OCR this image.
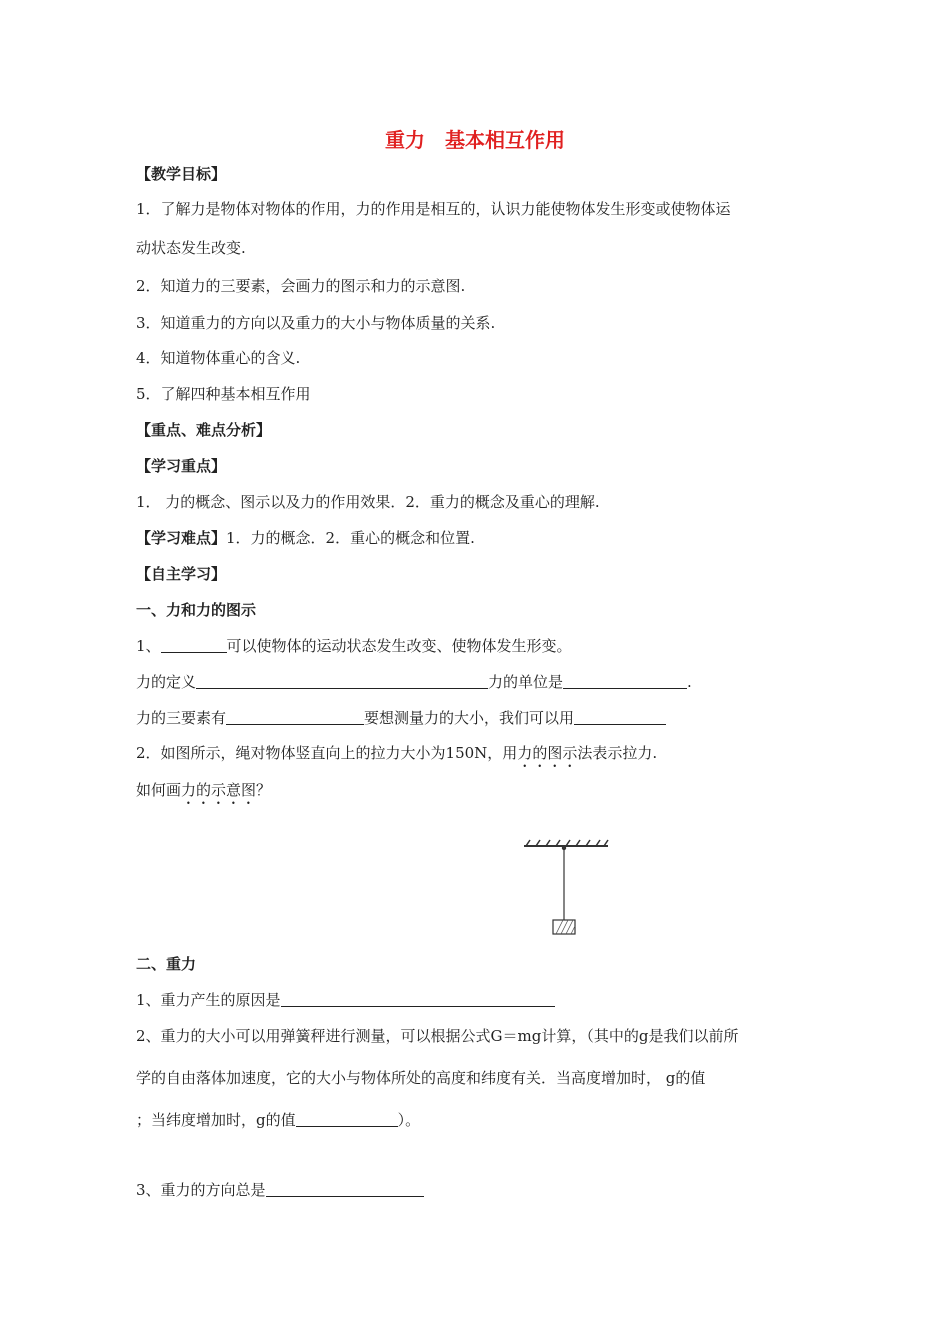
重力　基本相互作用
【教学目标】
1．了解力是物体对物体的作用，力的作用是相互的，认识力能使物体发生形变或使物体运
动状态发生改变.
2．知道力的三要素，会画力的图示和力的示意图.
3．知道重力的方向以及重力的大小与物体质量的关系.
4．知道物体重心的含义.
5．了解四种基本相互作用
【重点、难点分析】
【学习重点】
1． 力的概念、图示以及力的作用效果．2．重力的概念及重心的理解.
【学习难点】1．力的概念．2．重心的概念和位置.
【自主学习】
一、力和力的图示
1、	可以使物体的运动状态发生改变、使物体发生形变。
力的定义	力的单位是	.
力的三要素有	要想测量力的大小，我们可以用
2．如图所示，绳对物体竖直向上的拉力大小为150N，用力的图示法表示拉力.
如何画力的示意图？
二、重力
1、重力产生的原因是
2、重力的大小可以用弹簧秤进行测量，可以根据公式G＝mg计算，（其中的g是我们以前所
学的自由落体加速度，它的大小与物体所处的高度和纬度有关．当高度增加时， g的值
；当纬度增加时，g的值	）。
3、重力的方向总是
